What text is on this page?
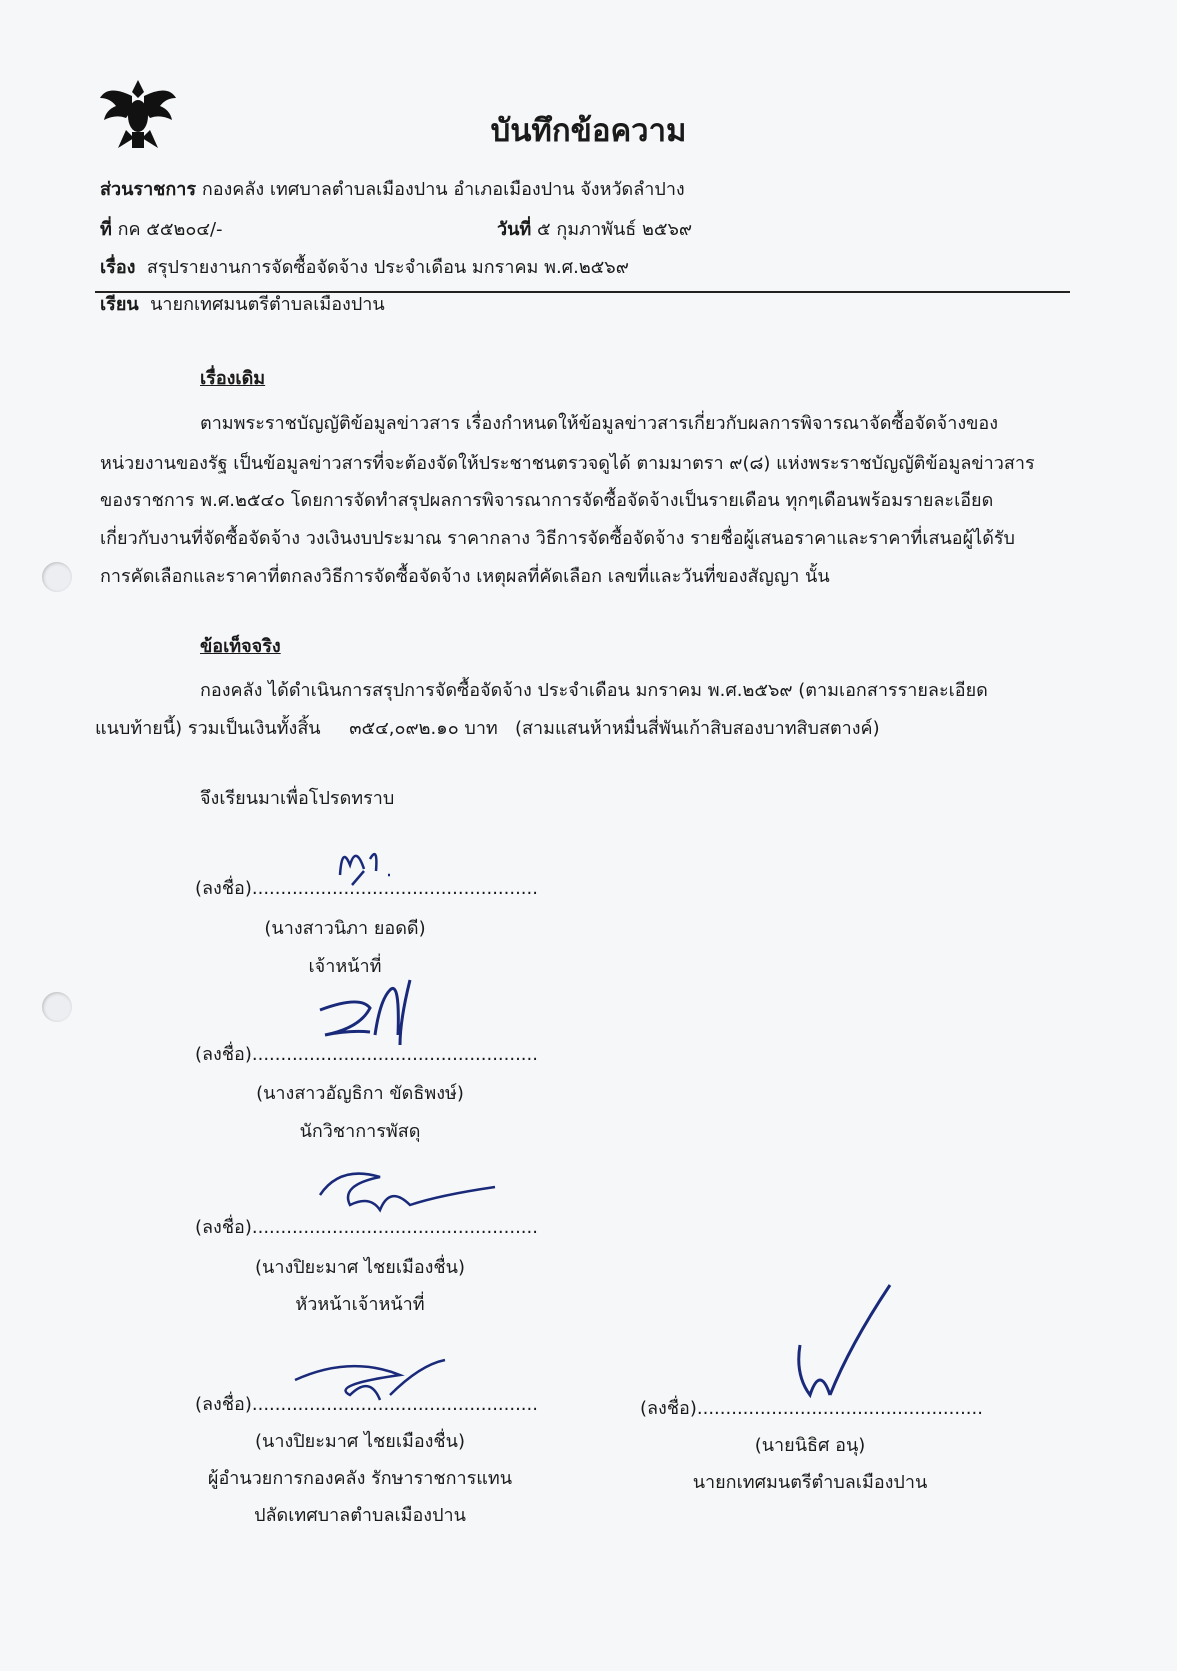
บันทึกข้อความ
ส่วนราชการ กองคลัง เทศบาลตำบลเมืองปาน อำเภอเมืองปาน จังหวัดลำปาง
ที่ กค ๕๕๒๐๔/-	วันที่ ๕ กุมภาพันธ์ ๒๕๖๙
เรื่อง สรุปรายงานการจัดซื้อจัดจ้าง ประจำเดือน มกราคม พ.ศ.๒๕๖๙
เรียน นายกเทศมนตรีตำบลเมืองปาน
เรื่องเดิม
ตามพระราชบัญญัติข้อมูลข่าวสาร เรื่องกำหนดให้ข้อมูลข่าวสารเกี่ยวกับผลการพิจารณาจัดซื้อจัดจ้างของ
หน่วยงานของรัฐ เป็นข้อมูลข่าวสารที่จะต้องจัดให้ประชาชนตรวจดูได้ ตามมาตรา ๙(๘) แห่งพระราชบัญญัติข้อมูลข่าวสาร
ของราชการ พ.ศ.๒๕๔๐ โดยการจัดทำสรุปผลการพิจารณาการจัดซื้อจัดจ้างเป็นรายเดือน ทุกๆเดือนพร้อมรายละเอียด
เกี่ยวกับงานที่จัดซื้อจัดจ้าง วงเงินงบประมาณ ราคากลาง วิธีการจัดซื้อจัดจ้าง รายชื่อผู้เสนอราคาและราคาที่เสนอผู้ได้รับ
การคัดเลือกและราคาที่ตกลงวิธีการจัดซื้อจัดจ้าง เหตุผลที่คัดเลือก เลขที่และวันที่ของสัญญา นั้น
ข้อเท็จจริง
กองคลัง ได้ดำเนินการสรุปการจัดซื้อจัดจ้าง ประจำเดือน มกราคม พ.ศ.๒๕๖๙ (ตามเอกสารรายละเอียด
แนบท้ายนี้) รวมเป็นเงินทั้งสิ้น ๓๕๔,๐๙๒.๑๐ บาท (สามแสนห้าหมื่นสี่พันเก้าสิบสองบาทสิบสตางค์)
จึงเรียนมาเพื่อโปรดทราบ
(ลงชื่อ)..................................................
(นางสาวนิภา ยอดดี)
เจ้าหน้าที่
(ลงชื่อ)..................................................
(นางสาวอัญธิกา ขัดธิพงษ์)
นักวิชาการพัสดุ
(ลงชื่อ)..................................................
(นางปิยะมาศ ไชยเมืองชื่น)
หัวหน้าเจ้าหน้าที่
(ลงชื่อ)..................................................
(นางปิยะมาศ ไชยเมืองชื่น)
ผู้อำนวยการกองคลัง รักษาราชการแทน
ปลัดเทศบาลตำบลเมืองปาน
(ลงชื่อ)..................................................
(นายนิธิศ อนุ)
นายกเทศมนตรีตำบลเมืองปาน
